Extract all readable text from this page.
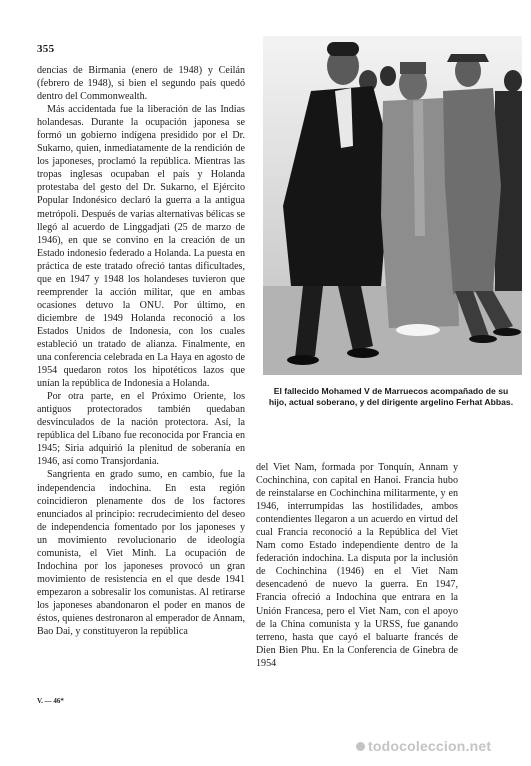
355

dencias de Birmania (enero de 1948) y Ceilán (febrero de 1948), si bien el segundo país quedó dentro del Commonwealth.

Más accidentada fue la liberación de las Indias holandesas. Durante la ocupación japonesa se formó un gobierno indígena presidido por el Dr. Sukarno, quien, inmediatamente de la rendición de los japoneses, proclamó la república. Mientras las tropas inglesas ocupaban el país y Holanda protestaba del gesto del Dr. Sukarno, el Ejército Popular Indonésico declaró la guerra a la antigua metrópoli. Después de varias alternativas bélicas se llegó al acuerdo de Linggadjati (25 de marzo de 1946), en que se convino en la creación de un Estado indonesio federado a Holanda. La puesta en práctica de este tratado ofreció tantas dificultades, que en 1947 y 1948 los holandeses tuvieron que reemprender la acción militar, que en ambas ocasiones detuvo la ONU. Por último, en diciembre de 1949 Holanda reconoció a los Estados Unidos de Indonesia, con los cuales estableció un tratado de alianza. Finalmente, en una conferencia celebrada en La Haya en agosto de 1954 quedaron rotos los hipotéticos lazos que unían la república de Indonesia a Holanda.

Por otra parte, en el Próximo Oriente, los antiguos protectorados también quedaban desvinculados de la nación protectora. Así, la república del Líbano fue reconocida por Francia en 1945; Siria adquirió la plenitud de soberanía en 1946, así como Transjordania.

Sangrienta en grado sumo, en cambio, fue la independencia indochina. En esta región coincidieron plenamente dos de los factores enunciados al principio: recrudecimiento del deseo de independencia fomentado por los japoneses y un movimiento revolucionario de ideología comunista, el Viet Minh. La ocupación de Indochina por los japoneses provocó un gran movimiento de resistencia en el que desde 1941 empezaron a sobresalir los comunistas. Al retirarse los japoneses abandonaron el poder en manos de éstos, quienes destronaron al emperador de Annam, Bao Dai, y constituyeron la república

El fallecido Mohamed V de Marruecos acompañado de su hijo, actual soberano, y del dirigente argelino Ferhat Abbas.

del Viet Nam, formada por Tonquín, Annam y Cochinchina, con capital en Hanoi. Francia hubo de reinstalarse en Cochinchina militarmente, y en 1946, interrumpidas las hostilidades, ambos contendientes llegaron a un acuerdo en virtud del cual Francia reconoció a la República del Viet Nam como Estado independiente dentro de la federación indochina. La disputa por la inclusión de Cochinchina (1946) en el Viet Nam desencadenó de nuevo la guerra. En 1947, Francia ofreció a Indochina que entrara en la Unión Francesa, pero el Viet Nam, con el apoyo de la China comunista y la URSS, fue ganando terreno, hasta que cayó el baluarte francés de Dien Bien Phu. En la Conferencia de Ginebra de 1954

V. — 46*
todocoleccion.net
